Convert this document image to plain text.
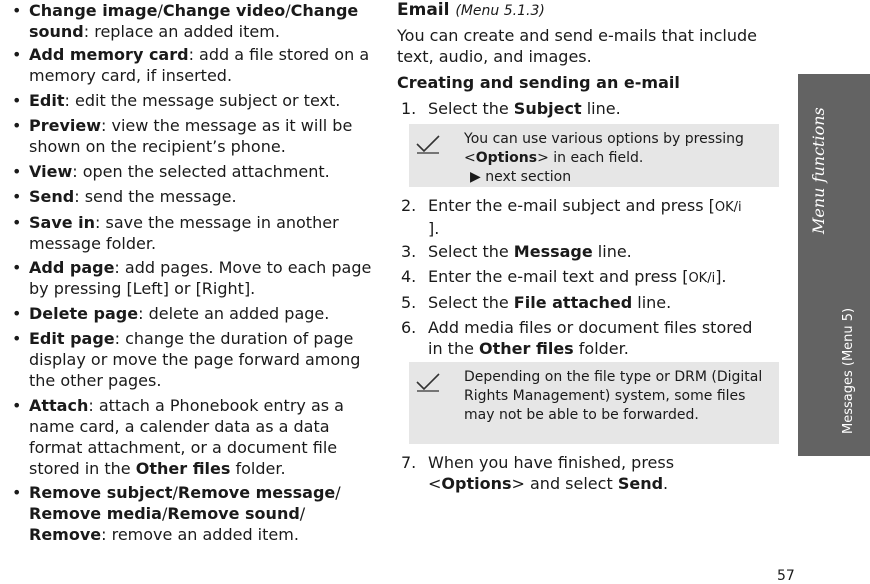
• Change image/Change video/Change sound: replace an added item.
• Add memory card: add a file stored on a memory card, if inserted.
• Edit: edit the message subject or text.
• Preview: view the message as it will be shown on the recipient’s phone.
• View: open the selected attachment.
• Send: send the message.
• Save in: save the message in another message folder.
• Add page: add pages. Move to each page by pressing [Left] or [Right].
• Delete page: delete an added page.
• Edit page: change the duration of page display or move the page forward among the other pages.
• Attach: attach a Phonebook entry as a name card, a calender data as a data format attachment, or a document file stored in the Other files folder.
• Remove subject/Remove message/ Remove media/Remove sound/ Remove: remove an added item.
Email (Menu 5.1.3)
You can create and send e-mails that include text, audio, and images.
Creating and sending an e-mail
1. Select the Subject line.
You can use various options by pressing <Options> in each field.
▶ next section
2. Enter the e-mail subject and press [OK/i].
3. Select the Message line.
4. Enter the e-mail text and press [OK/i].
5. Select the File attached line.
6. Add media files or document files stored in the Other files folder.
Depending on the file type or DRM (Digital Rights Management) system, some files may not be able to be forwarded.
7. When you have finished, press <Options> and select Send.
Menu functions
Messages (Menu 5)
57
